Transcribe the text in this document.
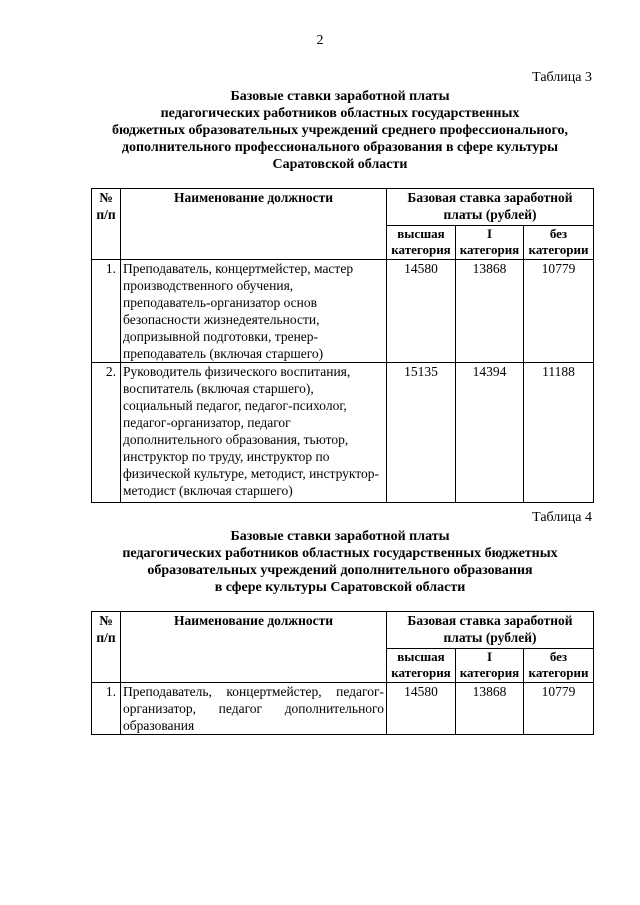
2
Таблица 3
Базовые ставки заработной платы
педагогических работников областных государственных
бюджетных образовательных учреждений среднего профессионального,
дополнительного профессионального образования в сфере культуры
Саратовской области
№ п/п	Наименование должности	Базовая ставка заработной платы (рублей)		
		высшая категория	I категория	без категории
1.	Преподаватель, концертмейстер, мастер производственного обучения, преподаватель-организатор основ безопасности жизнедеятельности, допризывной подготовки, тренер-преподаватель (включая старшего)	14580	13868	10779
2.	Руководитель физического воспитания, воспитатель (включая старшего), социальный педагог, педагог-психолог, педагог-организатор, педагог дополнительного образования, тьютор, инструктор по труду, инструктор по физической культуре, методист, инструктор-методист (включая старшего)	15135	14394	11188
Таблица 4
Базовые ставки заработной платы
педагогических работников областных государственных бюджетных
образовательных учреждений дополнительного образования
в сфере культуры Саратовской области
№ п/п	Наименование должности	Базовая ставка заработной платы (рублей)		
		высшая категория	I категория	без категории
1.	Преподаватель, концертмейстер, педагог-организатор, педагог дополнительного образования	14580	13868	10779
